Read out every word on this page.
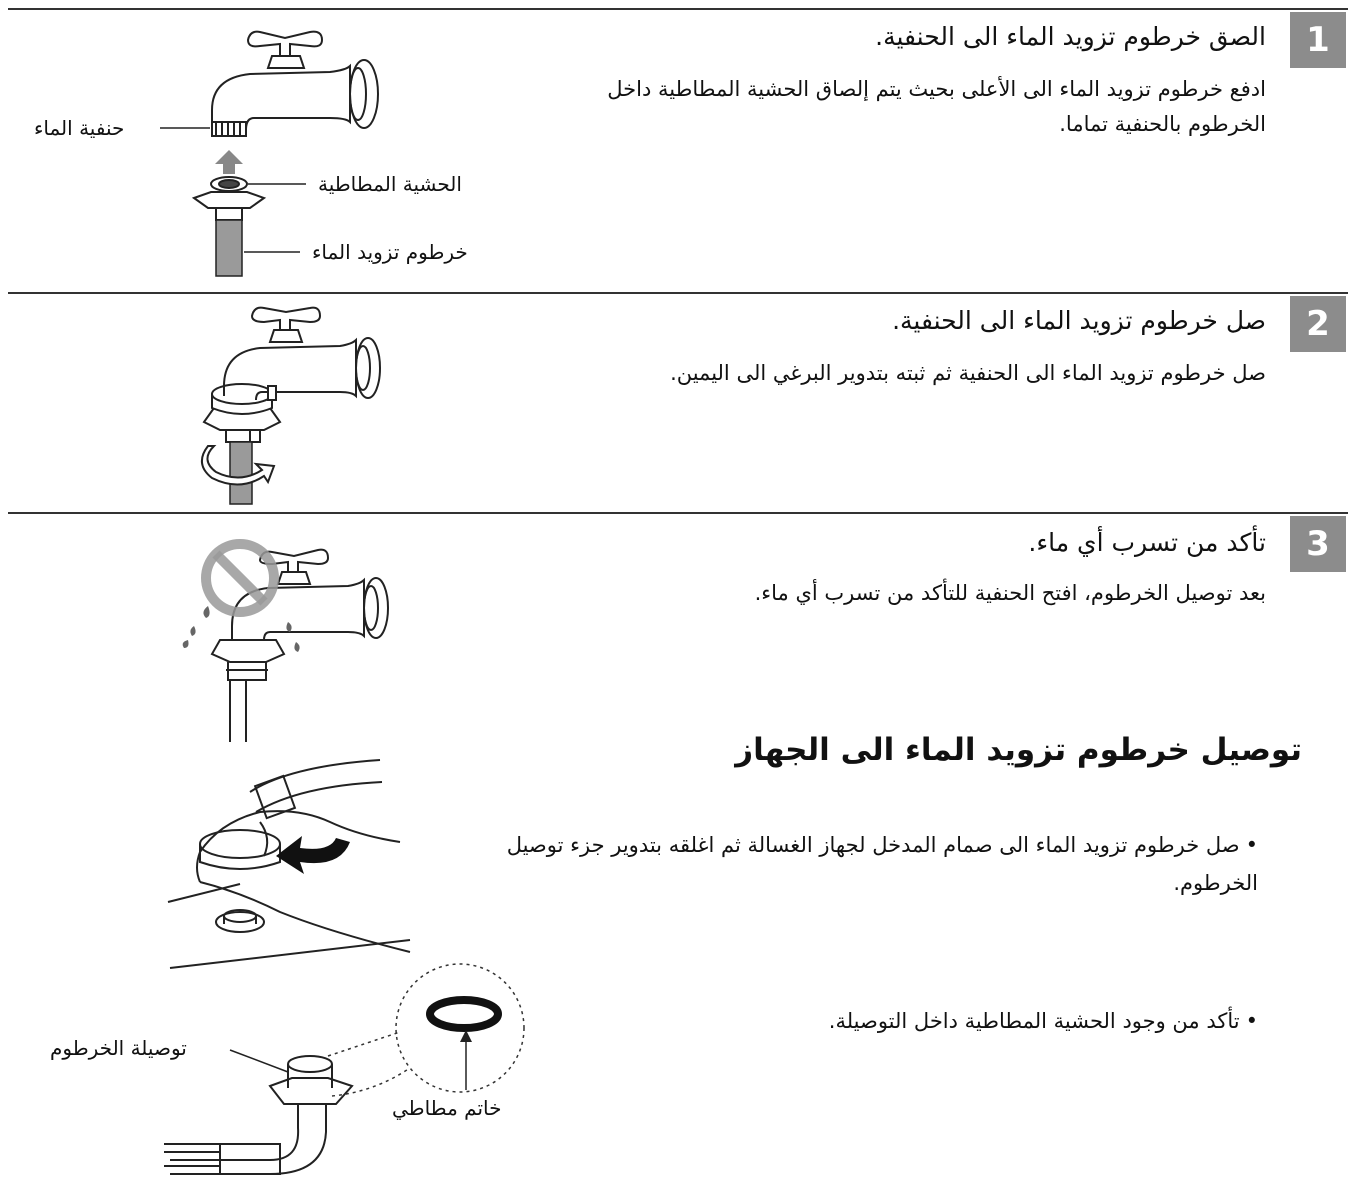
1
الصق خرطوم تزويد الماء الى الحنفية.
ادفع خرطوم تزويد الماء الى الأعلى بحيث يتم إلصاق الحشية المطاطية داخل الخرطوم بالحنفية تماما.
حنفية الماء
الحشية المطاطية
خرطوم تزويد الماء
2
صل خرطوم تزويد الماء الى الحنفية.
صل خرطوم تزويد الماء الى الحنفية ثم ثبته بتدوير البرغي الى اليمين.
3
تأكد من تسرب أي ماء.
بعد توصيل الخرطوم، افتح الحنفية للتأكد من تسرب أي ماء.
توصيل خرطوم تزويد الماء الى الجهاز
•صل خرطوم تزويد الماء الى صمام المدخل لجهاز الغسالة ثم اغلقه بتدوير جزء توصيل الخرطوم.
•تأكد من وجود الحشية المطاطية داخل التوصيلة.
توصيلة الخرطوم
خاتم مطاطي
